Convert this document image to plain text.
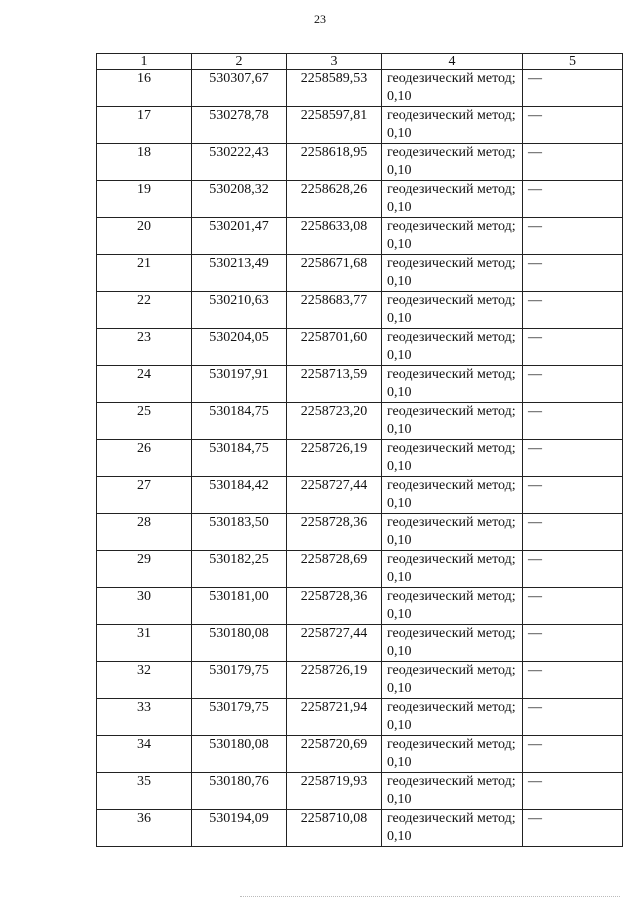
23
1	2	3	4	5
16	530307,67	2258589,53	геодезический метод; 0,10	—
17	530278,78	2258597,81	геодезический метод; 0,10	—
18	530222,43	2258618,95	геодезический метод; 0,10	—
19	530208,32	2258628,26	геодезический метод; 0,10	—
20	530201,47	2258633,08	геодезический метод; 0,10	—
21	530213,49	2258671,68	геодезический метод; 0,10	—
22	530210,63	2258683,77	геодезический метод; 0,10	—
23	530204,05	2258701,60	геодезический метод; 0,10	—
24	530197,91	2258713,59	геодезический метод; 0,10	—
25	530184,75	2258723,20	геодезический метод; 0,10	—
26	530184,75	2258726,19	геодезический метод; 0,10	—
27	530184,42	2258727,44	геодезический метод; 0,10	—
28	530183,50	2258728,36	геодезический метод; 0,10	—
29	530182,25	2258728,69	геодезический метод; 0,10	—
30	530181,00	2258728,36	геодезический метод; 0,10	—
31	530180,08	2258727,44	геодезический метод; 0,10	—
32	530179,75	2258726,19	геодезический метод; 0,10	—
33	530179,75	2258721,94	геодезический метод; 0,10	—
34	530180,08	2258720,69	геодезический метод; 0,10	—
35	530180,76	2258719,93	геодезический метод; 0,10	—
36	530194,09	2258710,08	геодезический метод; 0,10	—
